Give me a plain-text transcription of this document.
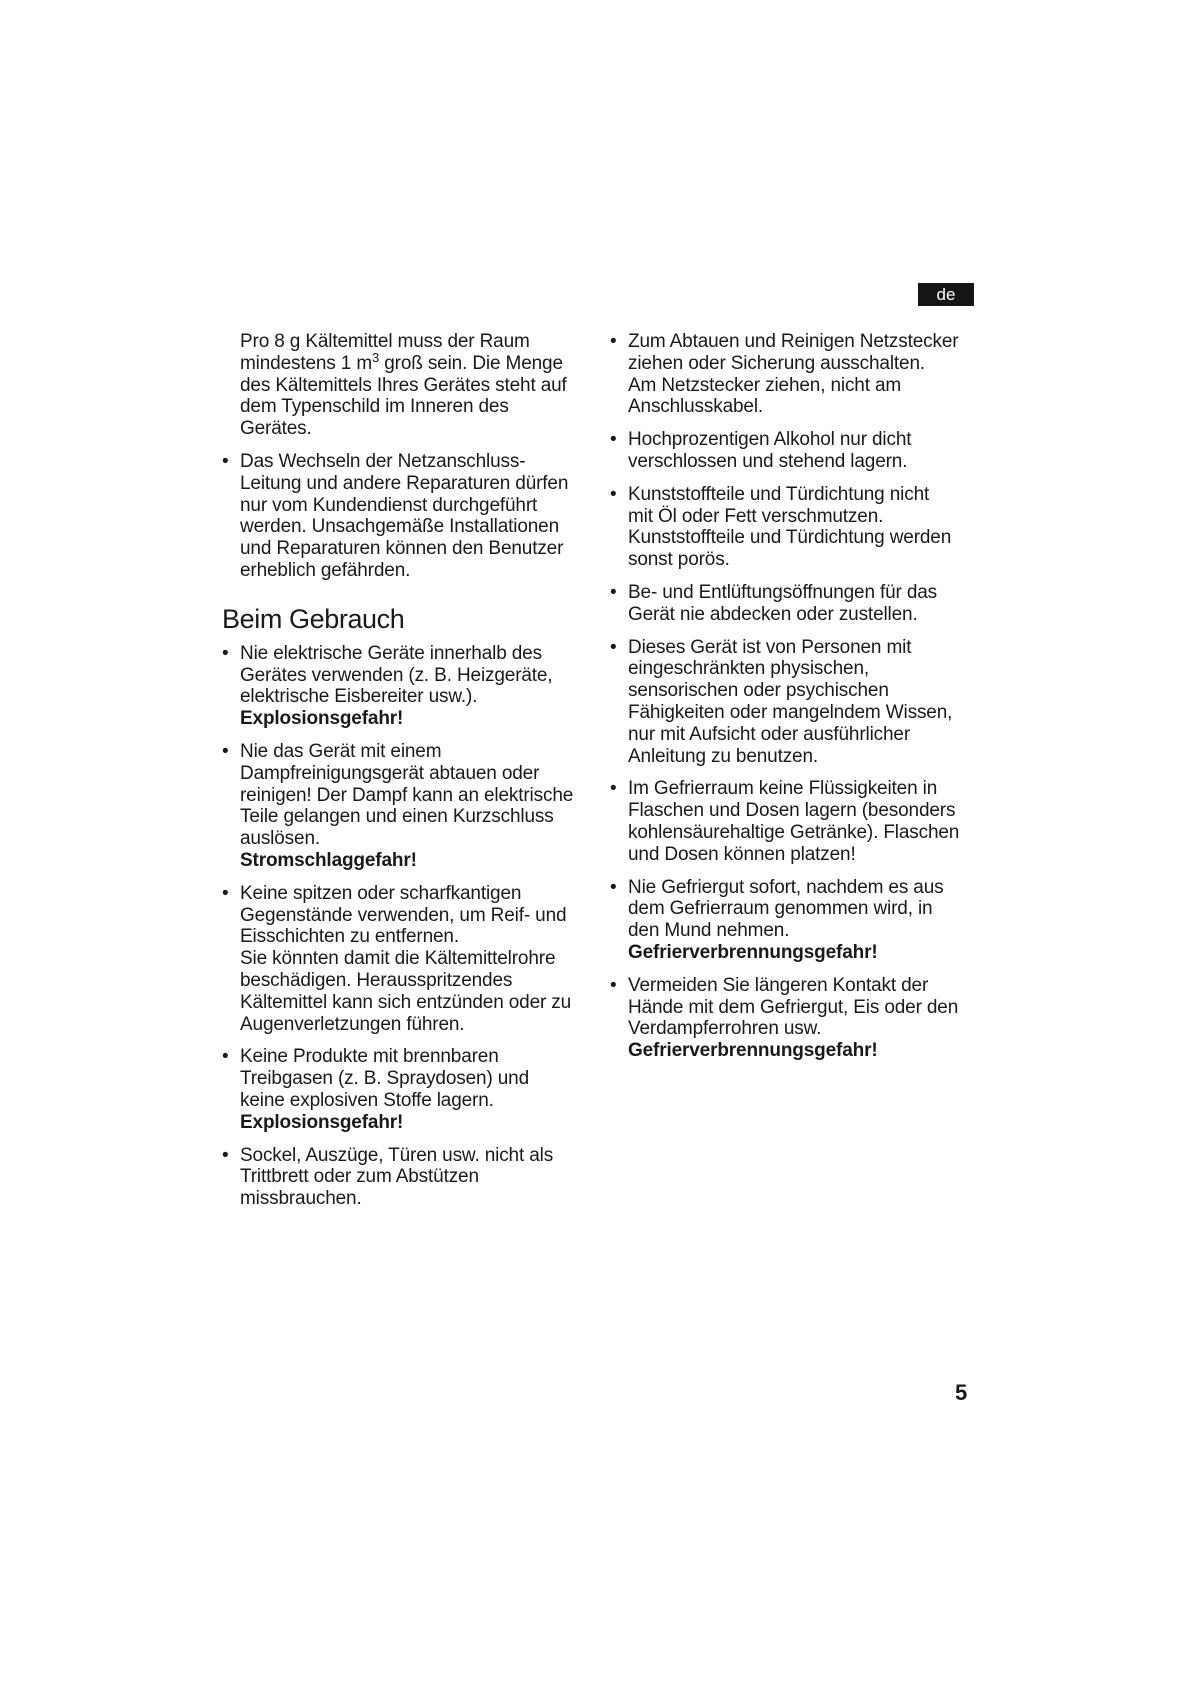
de
Pro 8 g Kältemittel muss der Raum
mindestens 1 $m^3$ groß sein. Die Menge
des Kältemittels Ihres Gerätes steht auf
dem Typenschild im Inneren des
Gerätes.
• Das Wechseln der Netzanschluss-
Leitung und andere Reparaturen dürfen
nur vom Kundendienst durchgeführt
werden. Unsachgemäße Installationen
und Reparaturen können den Benutzer
erheblich gefährden.
Beim Gebrauch
• Nie elektrische Geräte innerhalb des
Gerätes verwenden (z. B. Heizgeräte,
elektrische Eisbereiter usw.).
Explosionsgefahr!
• Nie das Gerät mit einem
Dampfreinigungsgerät abtauen oder
reinigen! Der Dampf kann an elektrische
Teile gelangen und einen Kurzschluss
auslösen.
Stromschlaggefahr!
• Keine spitzen oder scharfkantigen
Gegenstände verwenden, um Reif- und
Eisschichten zu entfernen.
Sie könnten damit die Kältemittelrohre
beschädigen. Herausspritzendes
Kältemittel kann sich entzünden oder zu
Augenverletzungen führen.
• Keine Produkte mit brennbaren
Treibgasen (z. B. Spraydosen) und
keine explosiven Stoffe lagern.
Explosionsgefahr!
• Sockel, Auszüge, Türen usw. nicht als
Trittbrett oder zum Abstützen
missbrauchen.
• Zum Abtauen und Reinigen Netzstecker
ziehen oder Sicherung ausschalten.
Am Netzstecker ziehen, nicht am
Anschlusskabel.
• Hochprozentigen Alkohol nur dicht
verschlossen und stehend lagern.
• Kunststoffteile und Türdichtung nicht
mit Öl oder Fett verschmutzen.
Kunststoffteile und Türdichtung werden
sonst porös.
• Be- und Entlüftungsöffnungen für das
Gerät nie abdecken oder zustellen.
• Dieses Gerät ist von Personen mit
eingeschränkten physischen,
sensorischen oder psychischen
Fähigkeiten oder mangelndem Wissen,
nur mit Aufsicht oder ausführlicher
Anleitung zu benutzen.
• Im Gefrierraum keine Flüssigkeiten in
Flaschen und Dosen lagern (besonders
kohlensäurehaltige Getränke). Flaschen
und Dosen können platzen!
• Nie Gefriergut sofort, nachdem es aus
dem Gefrierraum genommen wird, in
den Mund nehmen.
Gefrierverbrennungsgefahr!
• Vermeiden Sie längeren Kontakt der
Hände mit dem Gefriergut, Eis oder den
Verdampferrohren usw.
Gefrierverbrennungsgefahr!
5
